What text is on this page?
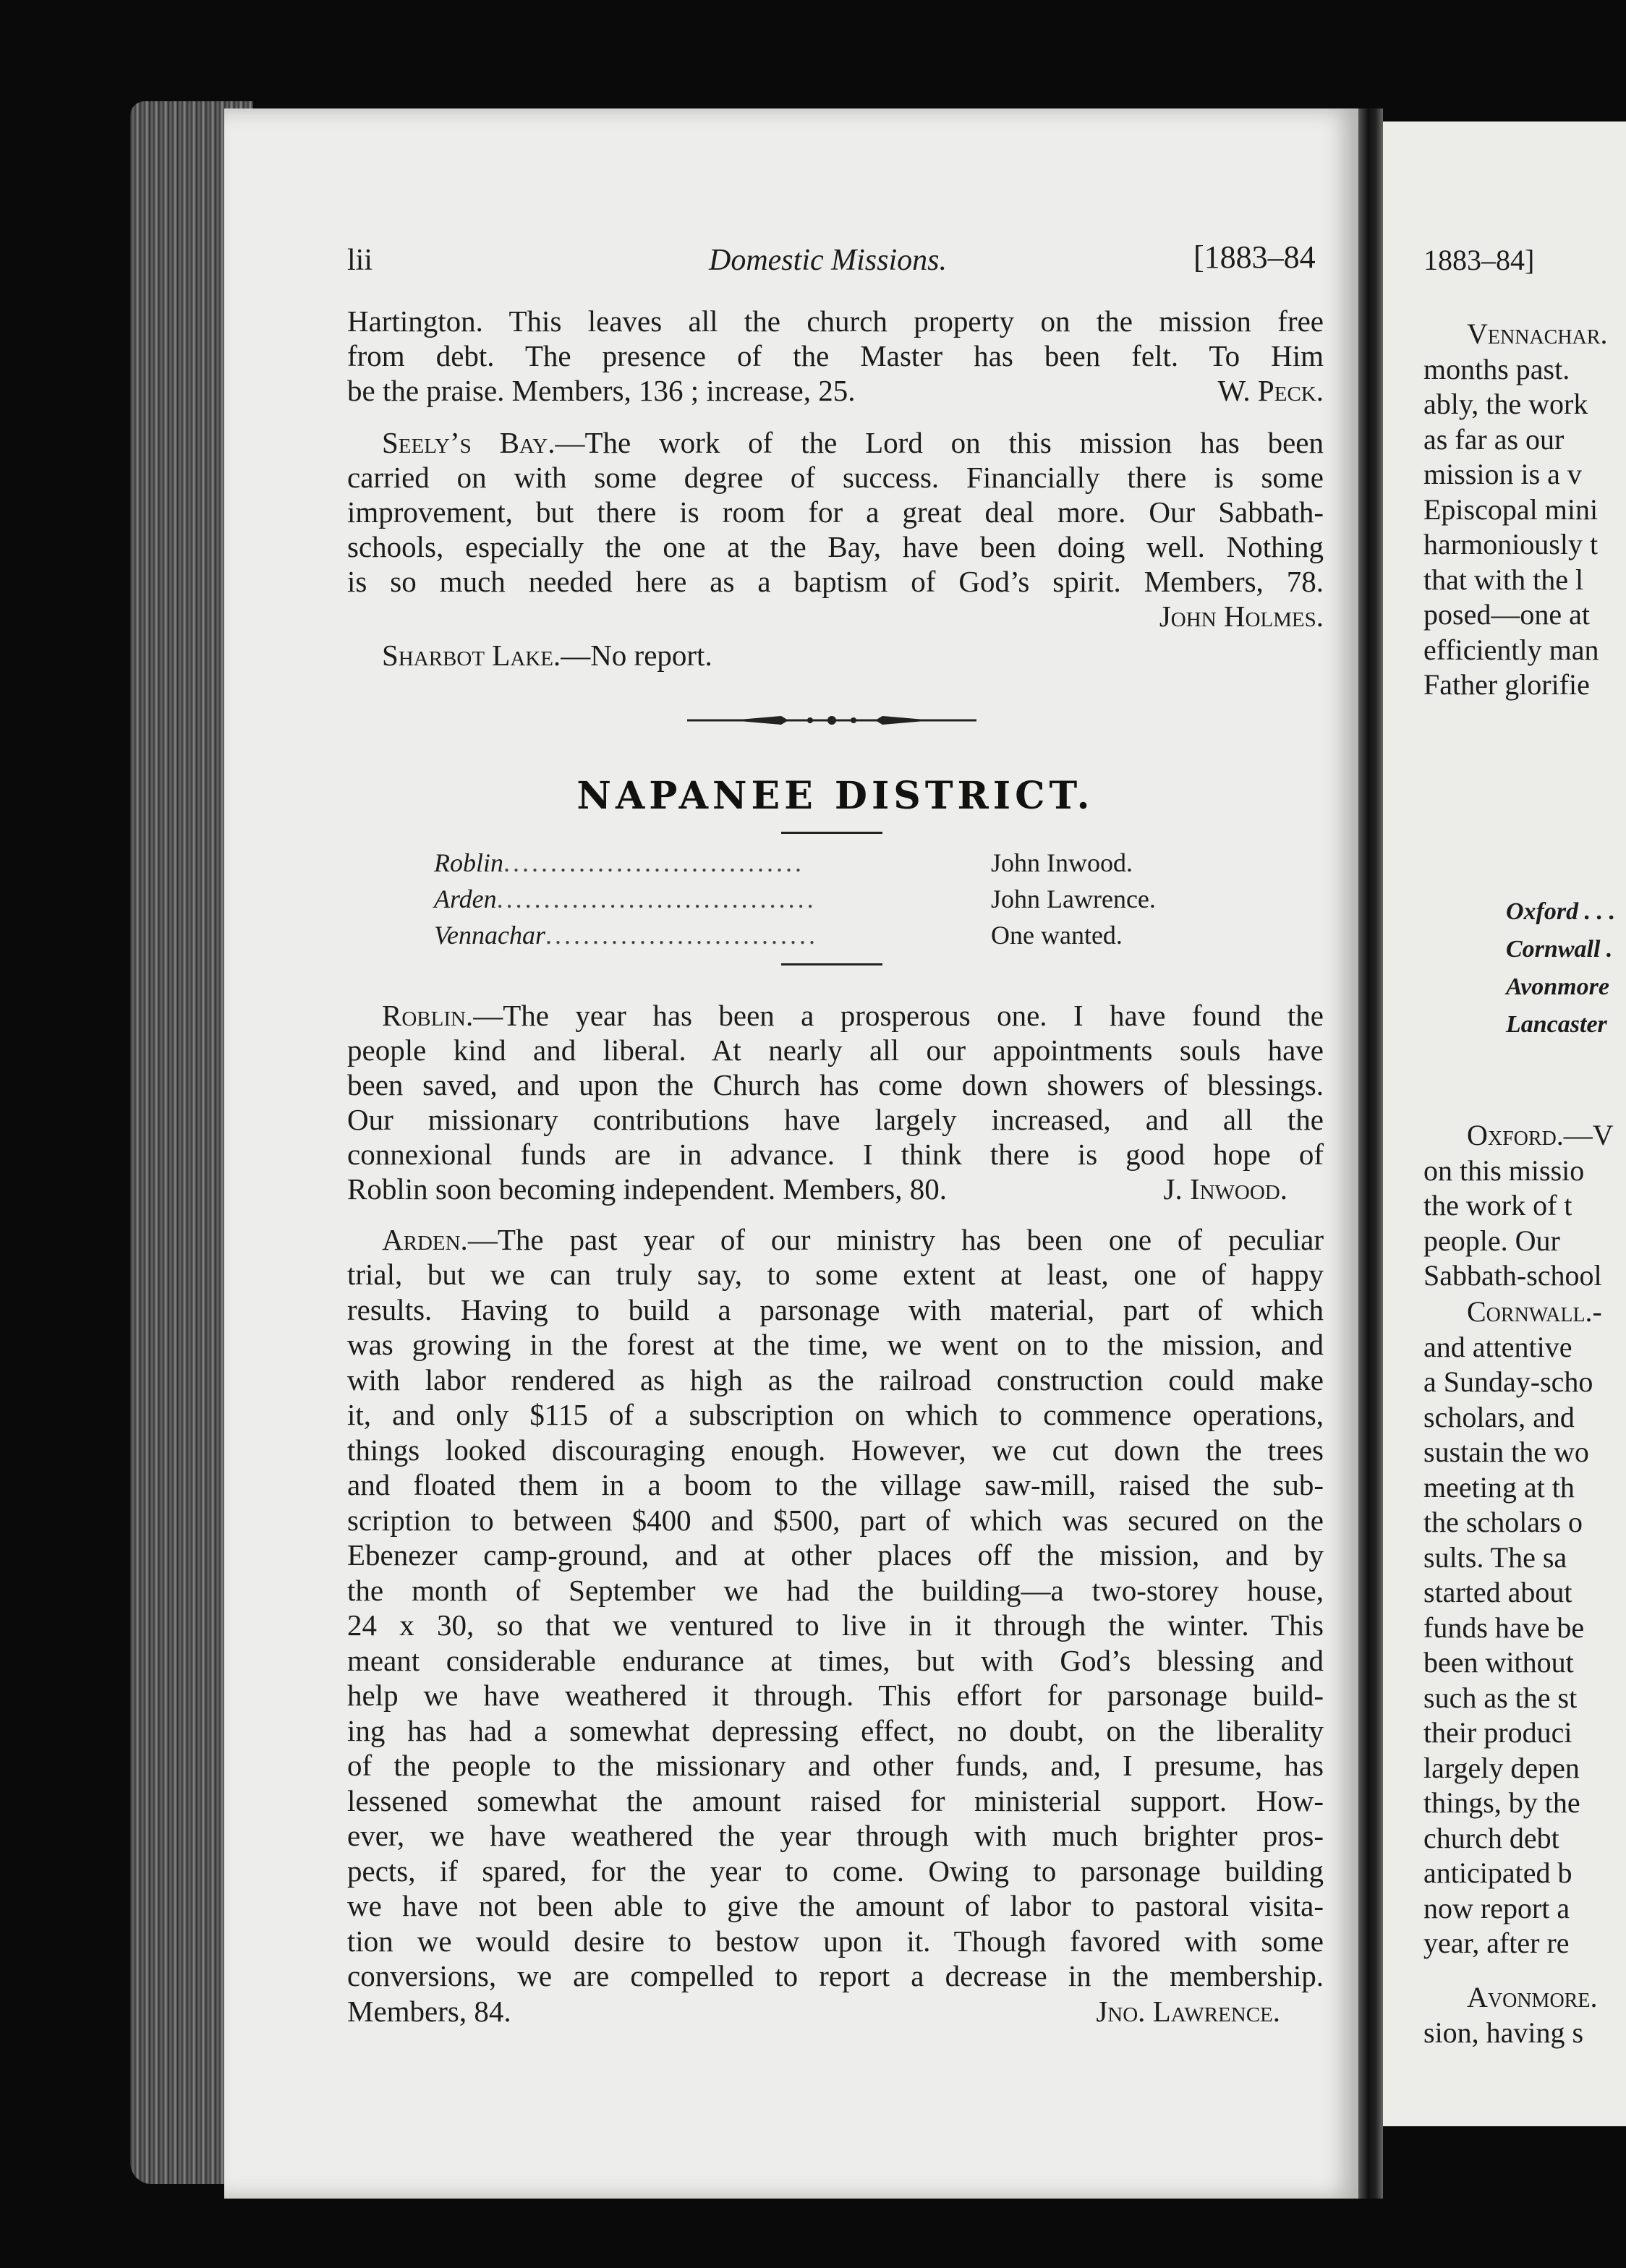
lii	Domestic Missions.	[1883–84
Hartington. This leaves all the church property on the mission free
from debt. The presence of the Master has been felt. To Him
be the praise. Members, 136 ; increase, 25.	W. Peck.
Seely’s Bay.—The work of the Lord on this mission has been
carried on with some degree of success. Financially there is some
improvement, but there is room for a great deal more. Our Sabbath-
schools, especially the one at the Bay, have been doing well. Nothing
is so much needed here as a baptism of God’s spirit. Members, 78.
John Holmes.
Sharbot Lake.—No report.
NAPANEE DISTRICT.
Roblin................................	John Inwood.
Arden..................................	John Lawrence.
Vennachar.............................	One wanted.
Roblin.—The year has been a prosperous one. I have found the
people kind and liberal. At nearly all our appointments souls have
been saved, and upon the Church has come down showers of blessings.
Our missionary contributions have largely increased, and all the
connexional funds are in advance. I think there is good hope of
Roblin soon becoming independent. Members, 80.	J. Inwood.
Arden.—The past year of our ministry has been one of peculiar
trial, but we can truly say, to some extent at least, one of happy
results. Having to build a parsonage with material, part of which
was growing in the forest at the time, we went on to the mission, and
with labor rendered as high as the railroad construction could make
it, and only $115 of a subscription on which to commence operations,
things looked discouraging enough. However, we cut down the trees
and floated them in a boom to the village saw-mill, raised the sub-
scription to between $400 and $500, part of which was secured on the
Ebenezer camp-ground, and at other places off the mission, and by
the month of September we had the building—a two-storey house,
24 x 30, so that we ventured to live in it through the winter. This
meant considerable endurance at times, but with God’s blessing and
help we have weathered it through. This effort for parsonage build-
ing has had a somewhat depressing effect, no doubt, on the liberality
of the people to the missionary and other funds, and, I presume, has
lessened somewhat the amount raised for ministerial support. How-
ever, we have weathered the year through with much brighter pros-
pects, if spared, for the year to come. Owing to parsonage building
we have not been able to give the amount of labor to pastoral visita-
tion we would desire to bestow upon it. Though favored with some
conversions, we are compelled to report a decrease in the membership.
Members, 84.	Jno. Lawrence.
1883–84]
Vennachar.
months past.
ably, the work
as far as our
mission is a v
Episcopal mini
harmoniously t
that with the l
posed—one at
efficiently man
Father glorifie
Oxford . . .
Cornwall .
Avonmore
Lancaster
Oxford.—V
on this missio
the work of t
people. Our
Sabbath-school
Cornwall.-
and attentive
a Sunday-scho
scholars, and
sustain the wo
meeting at th
the scholars o
sults. The sa
started about
funds have be
been without
such as the st
their produci
largely depen
things, by the
church debt
anticipated b
now report a
year, after re
Avonmore.
sion, having s
